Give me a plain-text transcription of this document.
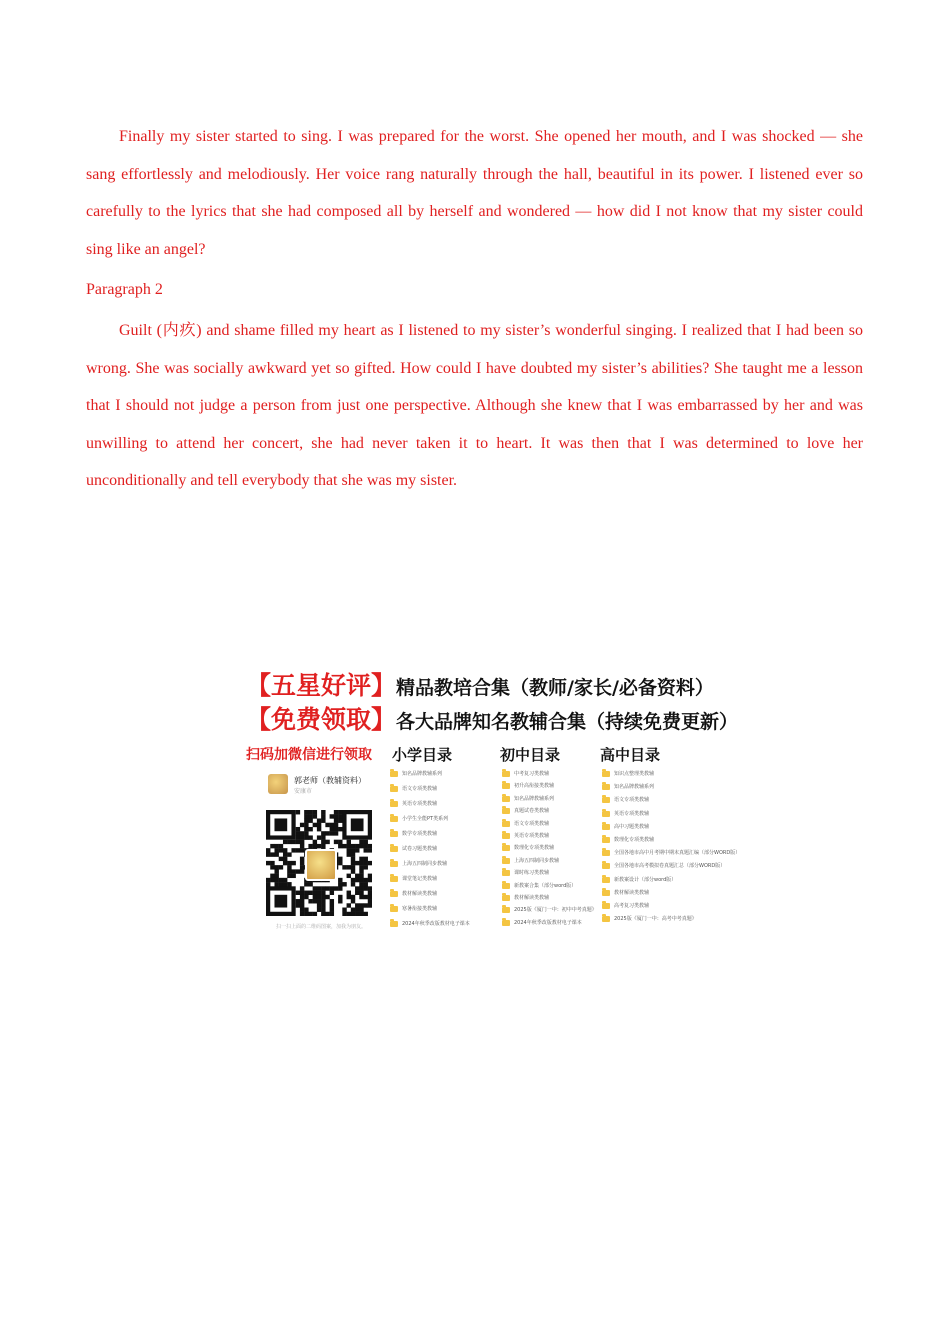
Finally my sister started to sing. I was prepared for the worst. She opened her mouth, and I was shocked — she sang effortlessly and melodiously. Her voice rang naturally through the hall, beautiful in its power. I listened ever so carefully to the lyrics that she had composed all by herself and wondered — how did I not know that my sister could sing like an angel?

Paragraph 2

Guilt (内疚) and shame filled my heart as I listened to my sister’s wonderful singing. I realized that I had been so wrong. She was socially awkward yet so gifted. How could I have doubted my sister’s abilities? She taught me a lesson that I should not judge a person from just one perspective. Although she knew that I was embarrassed by her and was unwilling to attend her concert, she had never taken it to heart. It was then that I was determined to love her unconditionally and tell everybody that she was my sister.

【五星好评】精品教培合集（教师/家长/必备资料）
【免费领取】各大品牌知名教辅合集（持续免费更新）
扫码加微信进行领取 小学目录	初中目录	高中目录
郭老师（教辅资料）
安康市
扫一扫上面的二维码图案，加我为朋友。
知名品牌教辅系列
语文专项类教辅
英语专项类教辅
小学生全能PT类系列
数学专项类教辅
试卷习题类教辅
上海五四制同步教辅
课堂笔记类教辅
教材解读类教辅
寒暑衔接类教辅
2024年秋季改版教材电子课本
中考复习类教辅
初升高衔接类教辅
知名品牌教辅系列
真题试卷类教辅
语文专项类教辅
英语专项类教辅
数理化专项类教辅
上海五四制同步教辅
课时练习类教辅
新教案合集（部分word版）
教材解读类教辅
2025版《厦门一中：初中中考真题》
2024年秋季改版教材电子课本
知识点整理类教辅
知名品牌教辅系列
语文专项类教辅
英语专项类教辅
高中习题类教辅
数理化专项类教辅
全国各地市高中月考期中期末真题汇编（部分WORD版）
全国各地市高考模拟卷真题汇总（部分WORD版）
新教案设计（部分word版）
教材解读类教辅
高考复习类教辅
2025版《厦门一中：高考中考真题》
